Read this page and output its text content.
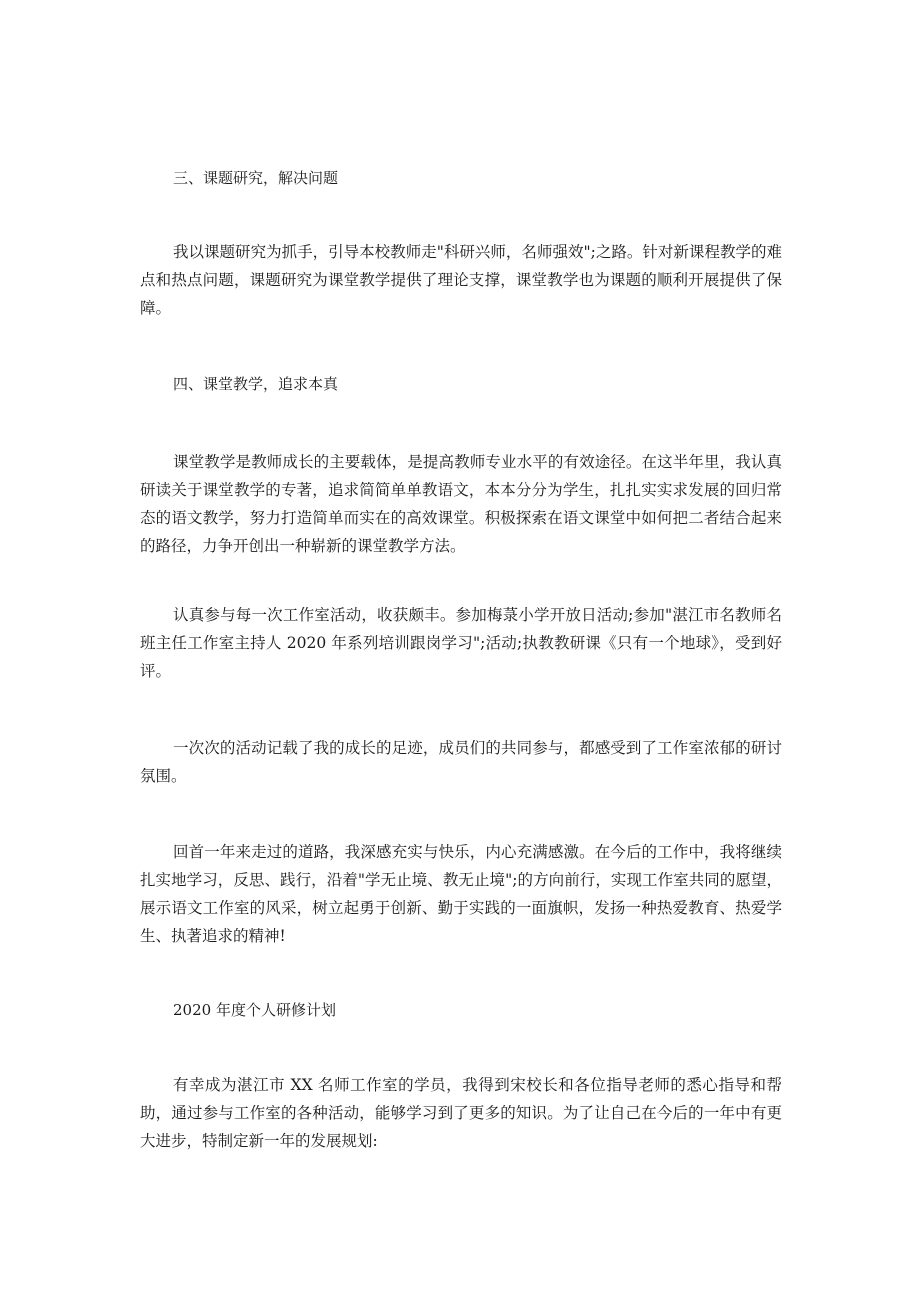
三、课题研究，解决问题

我以课题研究为抓手，引导本校教师走"科研兴师，名师强效";之路。针对新课程教学的难点和热点问题，课题研究为课堂教学提供了理论支撑，课堂教学也为课题的顺利开展提供了保障。

四、课堂教学，追求本真

课堂教学是教师成长的主要载体，是提高教师专业水平的有效途径。在这半年里，我认真研读关于课堂教学的专著，追求简简单单教语文，本本分分为学生，扎扎实实求发展的回归常态的语文教学，努力打造简单而实在的高效课堂。积极探索在语文课堂中如何把二者结合起来的路径，力争开创出一种崭新的课堂教学方法。

认真参与每一次工作室活动，收获颇丰。参加梅菉小学开放日活动;参加"湛江市名教师名班主任工作室主持人 2020 年系列培训跟岗学习";活动;执教教研课《只有一个地球》，受到好评。

一次次的活动记载了我的成长的足迹，成员们的共同参与，都感受到了工作室浓郁的研讨氛围。

回首一年来走过的道路，我深感充实与快乐，内心充满感激。在今后的工作中，我将继续扎实地学习，反思、践行，沿着"学无止境、教无止境";的方向前行，实现工作室共同的愿望，展示语文工作室的风采，树立起勇于创新、勤于实践的一面旗帜，发扬一种热爱教育、热爱学生、执著追求的精神!

2020 年度个人研修计划

有幸成为湛江市 XX 名师工作室的学员，我得到宋校长和各位指导老师的悉心指导和帮助，通过参与工作室的各种活动，能够学习到了更多的知识。为了让自己在今后的一年中有更大进步，特制定新一年的发展规划:
